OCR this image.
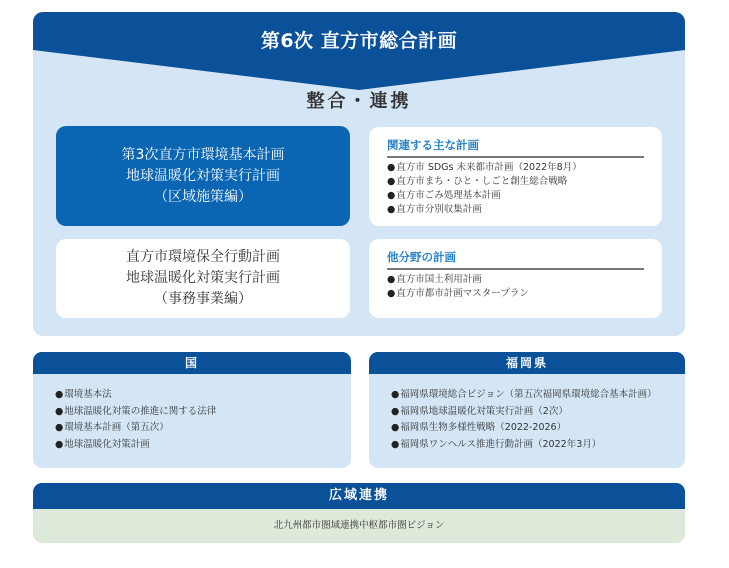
第6次 直方市総合計画
整合・連携
第3次直方市環境基本計画
地球温暖化対策実行計画
（区域施策編）
直方市環境保全行動計画
地球温暖化対策実行計画
（事務事業編）
関連する主な計画
●直方市 SDGs 未来都市計画（2022年8月）
●直方市まち・ひと・しごと創生総合戦略
●直方市ごみ処理基本計画
●直方市分別収集計画
他分野の計画
●直方市国土利用計画
●直方市都市計画マスタープラン
国
●環境基本法
●地球温暖化対策の推進に関する法律
●環境基本計画（第五次）
●地球温暖化対策計画
福岡県
●福岡県環境総合ビジョン（第五次福岡県環境総合基本計画）
●福岡県地球温暖化対策実行計画（2次）
●福岡県生物多様性戦略（2022-2026）
●福岡県ワンヘルス推進行動計画（2022年3月）
広域連携
北九州都市圏域連携中枢都市圏ビジョン
